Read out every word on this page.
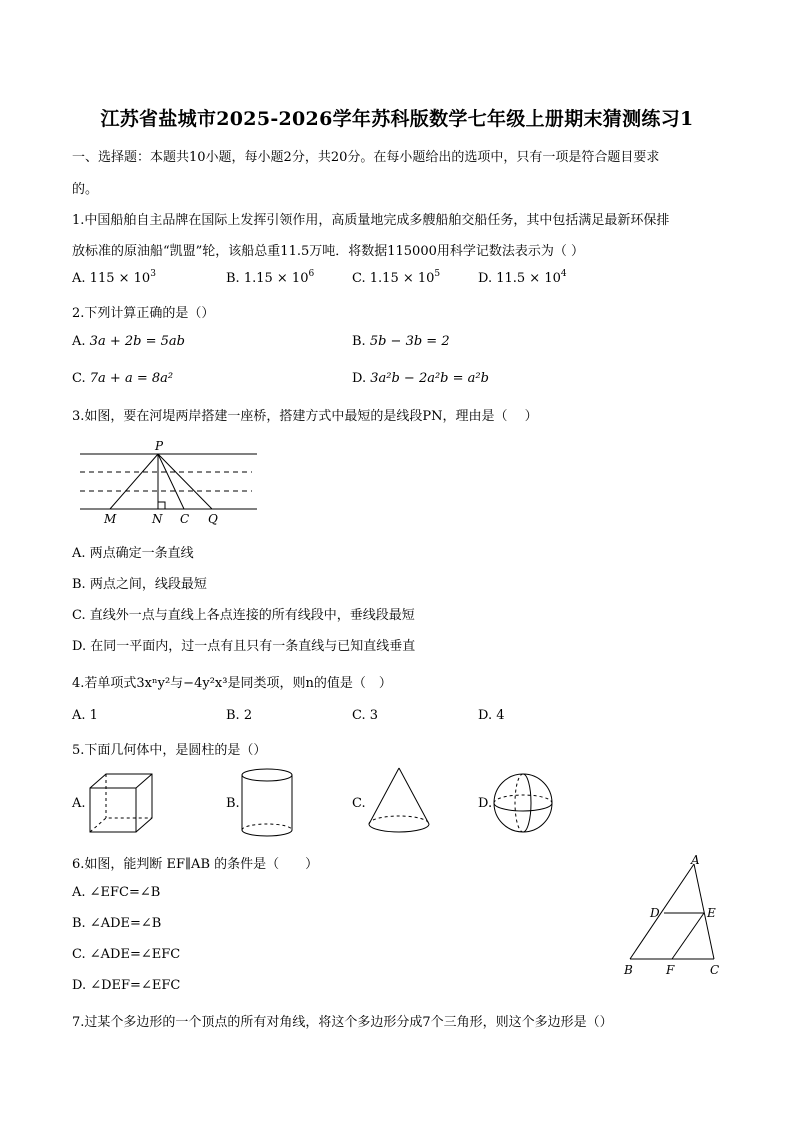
江苏省盐城市2025-2026学年苏科版数学七年级上册期末猜测练习1
一、选择题：本题共10小题，每小题2分，共20分。在每小题给出的选项中，只有一项是符合题目要求
的。
1.中国船舶自主品牌在国际上发挥引领作用，高质量地完成多艘船舶交船任务，其中包括满足最新环保排
放标准的原油船“凯盟”轮，该船总重11.5万吨．将数据115000用科学记数法表示为（ ）
A. $115 \times 10^3$	B. $1.15 \times 10^6$	C. $1.15 \times 10^5$	D. $11.5 \times 10^4$
2.下列计算正确的是（）
A. 3a + 2b = 5ab	B. 5b − 3b = 2
C. 7a + a = 8a²	D. 3a²b − 2a²b = a²b
3.如图，要在河堤两岸搭建一座桥，搭建方式中最短的是线段PN，理由是（　 ）
P
M	N C Q
A. 两点确定一条直线
B. 两点之间，线段最短
C. 直线外一点与直线上各点连接的所有线段中，垂线段最短
D. 在同一平面内，过一点有且只有一条直线与已知直线垂直
4.若单项式3xⁿy²与−4y²x³是同类项，则n的值是（　）
A. 1	B. 2	C. 3	D. 4
5.下面几何体中，是圆柱的是（）
A.	B.	C.	D.
6.如图，能判断 EF∥AB 的条件是（　　）
A. ∠EFC=∠B
B. ∠ADE=∠B
C. ∠ADE=∠EFC
D. ∠DEF=∠EFC
A
D	E
B	F	C
7.过某个多边形的一个顶点的所有对角线，将这个多边形分成7个三角形，则这个多边形是（）
